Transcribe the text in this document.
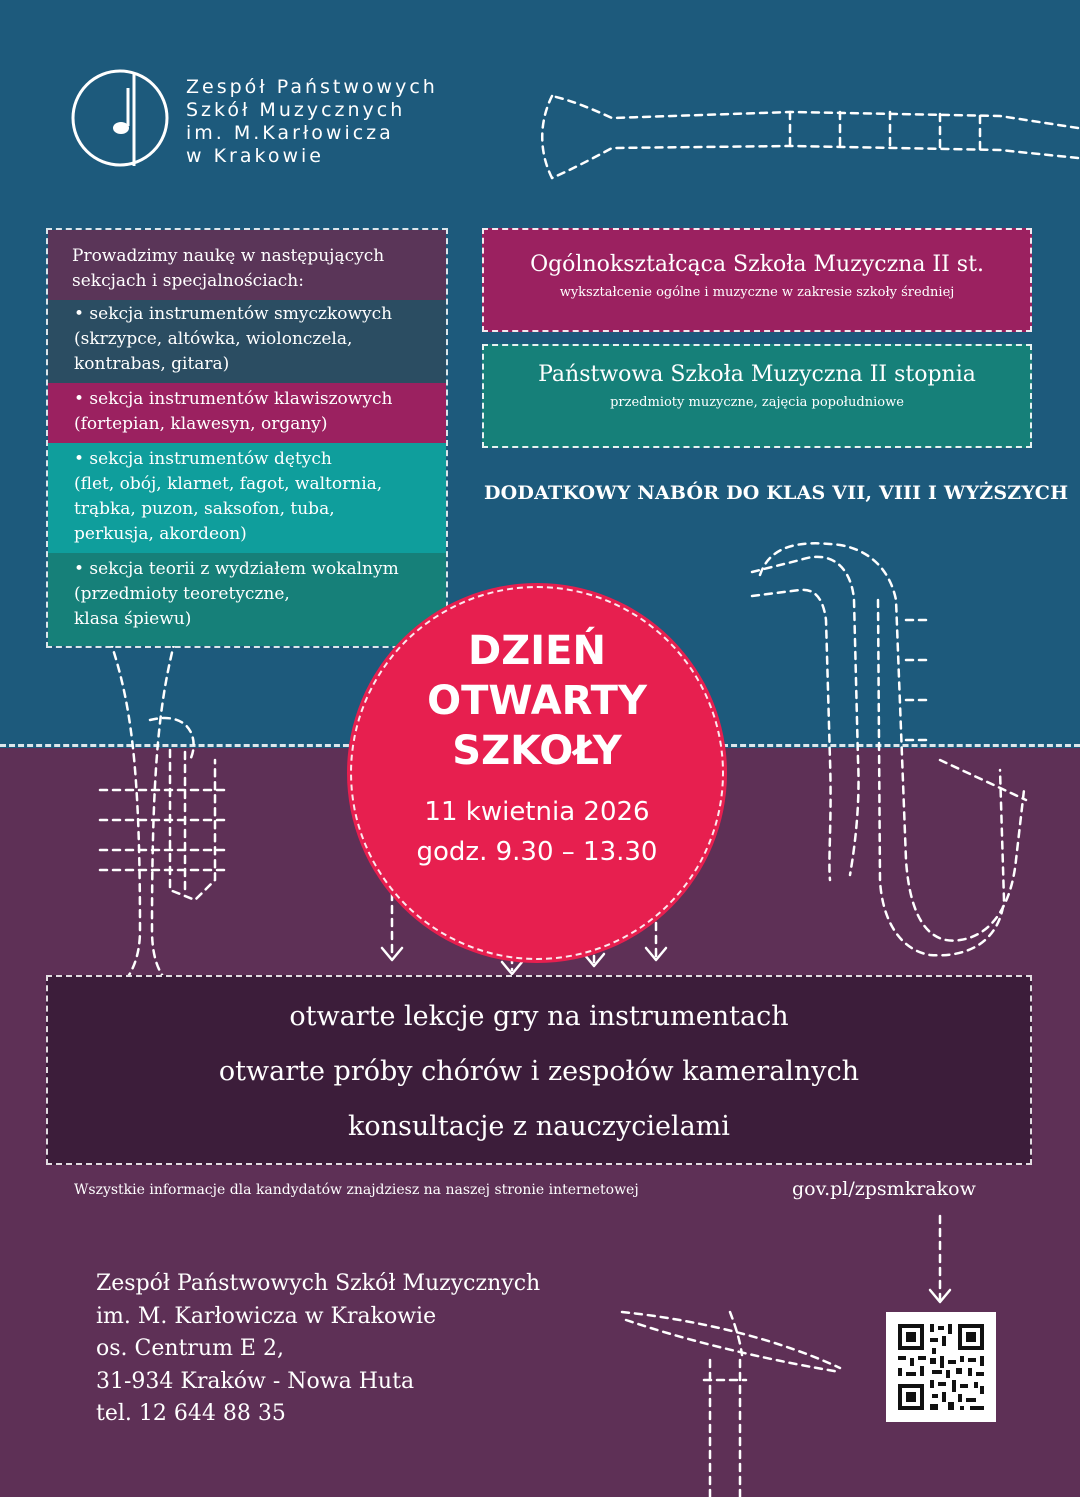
Zespół Państwowych
Szkół Muzycznych
im. M.Karłowicza
w Krakowie
Prowadzimy naukę w następujących
sekcjach i specjalnościach:
• sekcja instrumentów smyczkowych
(skrzypce, altówka, wiolonczela,
kontrabas, gitara)
• sekcja instrumentów klawiszowych
(fortepian, klawesyn, organy)
• sekcja instrumentów dętych
(flet, obój, klarnet, fagot, waltornia,
trąbka, puzon, saksofon, tuba,
perkusja, akordeon)
• sekcja teorii z wydziałem wokalnym
(przedmioty teoretyczne,
klasa śpiewu)
Ogólnokształcąca Szkoła Muzyczna II st.
wykształcenie ogólne i muzyczne w zakresie szkoły średniej
Państwowa Szkoła Muzyczna II stopnia
przedmioty muzyczne, zajęcia popołudniowe
DODATKOWY NABÓR DO KLAS VII, VIII I WYŻSZYCH
DZIEŃ
OTWARTY
SZKOŁY
11 kwietnia 2026
godz. 9.30 – 13.30
otwarte lekcje gry na instrumentach
otwarte próby chórów i zespołów kameralnych
konsultacje z nauczycielami
Wszystkie informacje dla kandydatów znajdziesz na naszej stronie internetowej	gov.pl/zpsmkrakow
Zespół Państwowych Szkół Muzycznych
im. M. Karłowicza w Krakowie
os. Centrum E 2,
31-934 Kraków - Nowa Huta
tel. 12 644 88 35
